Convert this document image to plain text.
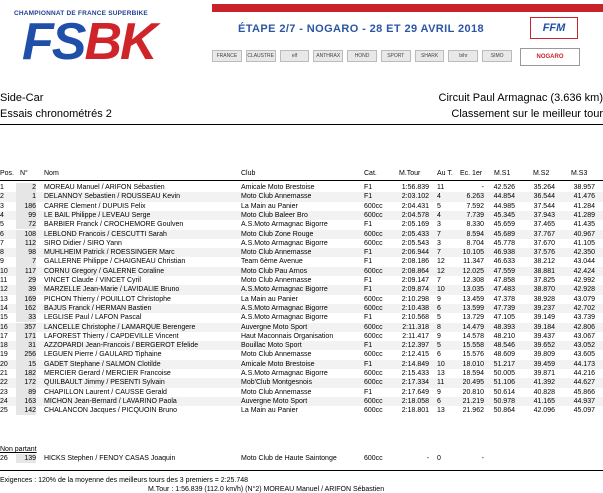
CHAMPIONNAT DE FRANCE SUPERBIKE
FSBK	ÉTAPE 2/7 - NOGARO - 28 ET 29 AVRIL 2018	FFM
FRANCE	CLAUSTRE	elf	ANTHRAX	HOND	SPORT	SHARK	bihr	SIMO	NOGARO
Side-Car
Essais chronométrés 2
Circuit Paul Armagnac (3.636 km)
Classement sur le meilleur tour
Pos. N° Nom	Club	Cat.	M.Tour Au T. Ec. 1er M.S1	M.S2	M.S3
1	2 MOREAU Manuel / ARIFON Sébastien	Amicale Moto Brestoise	F1	1:56.839 11	-	42.526	35.264	38.957
2	1 DELANNOY Sebastien / ROUSSEAU Kevin	Moto Club Annemasse	F1	2:03.102 4	6.263	44.854	36.544	41.476
3	186 CARRE Clement / DUPUIS Felix	La Main au Panier	600cc	2:04.431 5	7.592	44.985	37.544	41.284
4	99 LE BAIL Philippe / LEVEAU Serge	Moto Club Baleer Bro	600cc	2:04.578 4	7.739	45.345	37.943	41.289
5	72 BARBIER Franck / CROCHEMORE Goulven	A.S.Moto Armagnac Bigorre	F1	2:05.169 3	8.330	45.659	37.465	41.435
6	108 LEBLOND Francois / CESCUTTI Sarah	Moto Club Zone Rouge	600cc	2:05.433 7	8.594	45.689	37.767	40.967
7	112 SIRO Didier / SIRO Yann	A.S.Moto Armagnac Bigorre	600cc	2:05.543 3	8.704	45.778	37.670	41.105
8	98 MUHLHEIM Patrick / ROESSINGER Marc	Moto Club Annemasse	F1	2:06.944 7	10.105	46.938	37.576	42.350
9	7 GALLERNE Philippe / CHAIGNEAU Christian	Team 6ème Avenue	F1	2:08.186 12	11.347	46.633	38.212	43.044
10	117 CORNU Gregory / GALERNE Coraline	Moto Club Pau Arnos	600cc	2:08.864 12	12.025	47.559	38.881	42.424
11	29 VINCET Claude / VINCET Cyril	Moto Club Annemasse	F1	2:09.147 7	12.308	47.858	37.825	42.992
12	39 MARZELLE Jean-Marie / LAVIDALIE Bruno	A.S.Moto Armagnac Bigorre	F1	2:09.874 10	13.035	47.483	38.870	42.928
13	169 PICHON Thierry / POUILLOT Christophe	La Main au Panier	600cc	2:10.298 9	13.459	47.378	38.928	43.079
14	162 BAJUS Franck / HERMAN Bastien	A.S.Moto Armagnac Bigorre	600cc	2:10.438 6	13.599	47.739	39.237	42.702
15	33 LEGLISE Paul / LAFON Pascal	A.S.Moto Armagnac Bigorre	F1	2:10.568 5	13.729	47.105	39.149	43.739
16	357 LANCELLE Christophe / LAMARQUE Berengere	Auvergne Moto Sport	600cc	2:11.318 8	14.479	48.393	39.184	42.806
17	171 LAFOREST Thierry / CAPDEVILLE Vincent	Haut Maconnais Organisation	600cc	2:11.417 9	14.578	48.210	39.437	43.067
18	31 AZZOPARDI Jean-Francois / BERGEROT Efelide	Bouillac Moto Sport	F1	2:12.397 5	15.558	48.546	39.652	43.052
19	256 LEGUEN Pierre / GAULARD Tiphaine	Moto Club Annemasse	600cc	2:12.415 6	15.576	48.609	39.809	43.605
20	15 GADET Stephane / SALMON Clotilde	Amicale Moto Brestoise	F1	2:14.849 10	18.010	51.217	39.459	44.173
21	182 MERCIER Gerard / MERCIER Francoise	A.S.Moto Armagnac Bigorre	600cc	2:15.433 13	18.594	50.005	39.871	44.216
22	172 QUILBAULT Jimmy / PESENTI Sylvain	Mob'Club Montgesnois	600cc	2:17.334 11	20.495	51.106	41.392	44.627
23	89 CHAPILLON Laurent / CAUSSE Gerald	Moto Club Annemasse	F1	2:17.649 9	20.810	50.614	40.828	45.866
24	163 MICHON Jean-Bernard / LAVARINO Paola	Auvergne Moto Sport	600cc	2:18.058 6	21.219	50.978	41.165	44.937
25	142 CHALANCON Jacques / PICQUOIN Bruno	La Main au Panier	600cc	2:18.801 13	21.962	50.864	42.096	45.097
Non partant
26	139 HICKS Stephen / FENOY CASAS Joaquin	Moto Club de Haute Saintonge	600cc	- 0	-
Exigences : 120% de la moyenne des meilleurs tours des 3 premiers = 2:25.748
M.Tour : 1:56.839 (112.0 km/h) (N°2) MOREAU Manuel / ARIFON Sébastien
